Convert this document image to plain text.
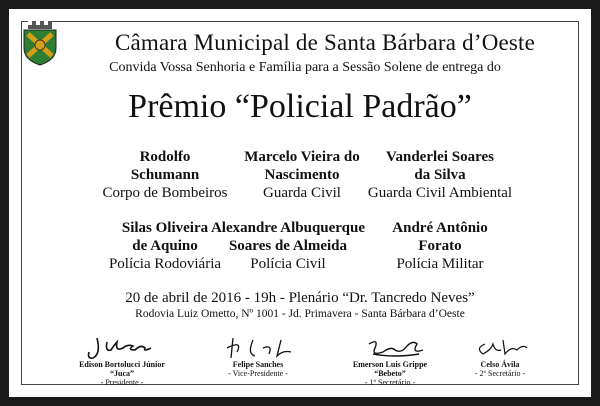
Câmara Municipal de Santa Bárbara d’Oeste
Convida Vossa Senhoria e Família para a Sessão Solene de entrega do
Prêmio “Policial Padrão”
Rodolfo
Schumann
Corpo de Bombeiros
Marcelo Vieira do
Nascimento
Guarda Civil
Vanderlei Soares
da Silva
Guarda Civil Ambiental
Silas Oliveira
de Aquino
Polícia Rodoviária
Alexandre Albuquerque
Soares de Almeida
Polícia Civil
André Antônio
Forato
Polícia Militar
20 de abril de 2016 - 19h - Plenário “Dr. Tancredo Neves”
Rodovia Luiz Ometto, Nº 1001 - Jd. Primavera - Santa Bárbara d’Oeste
Edison Bortolucci Júnior
“Juca”
- Presidente -
Felipe Sanches
- Vice-Presidente -
Emerson Luis Grippe
“Bebeto”
- 1º Secretário -
Celso Ávila
- 2º Secretário -
